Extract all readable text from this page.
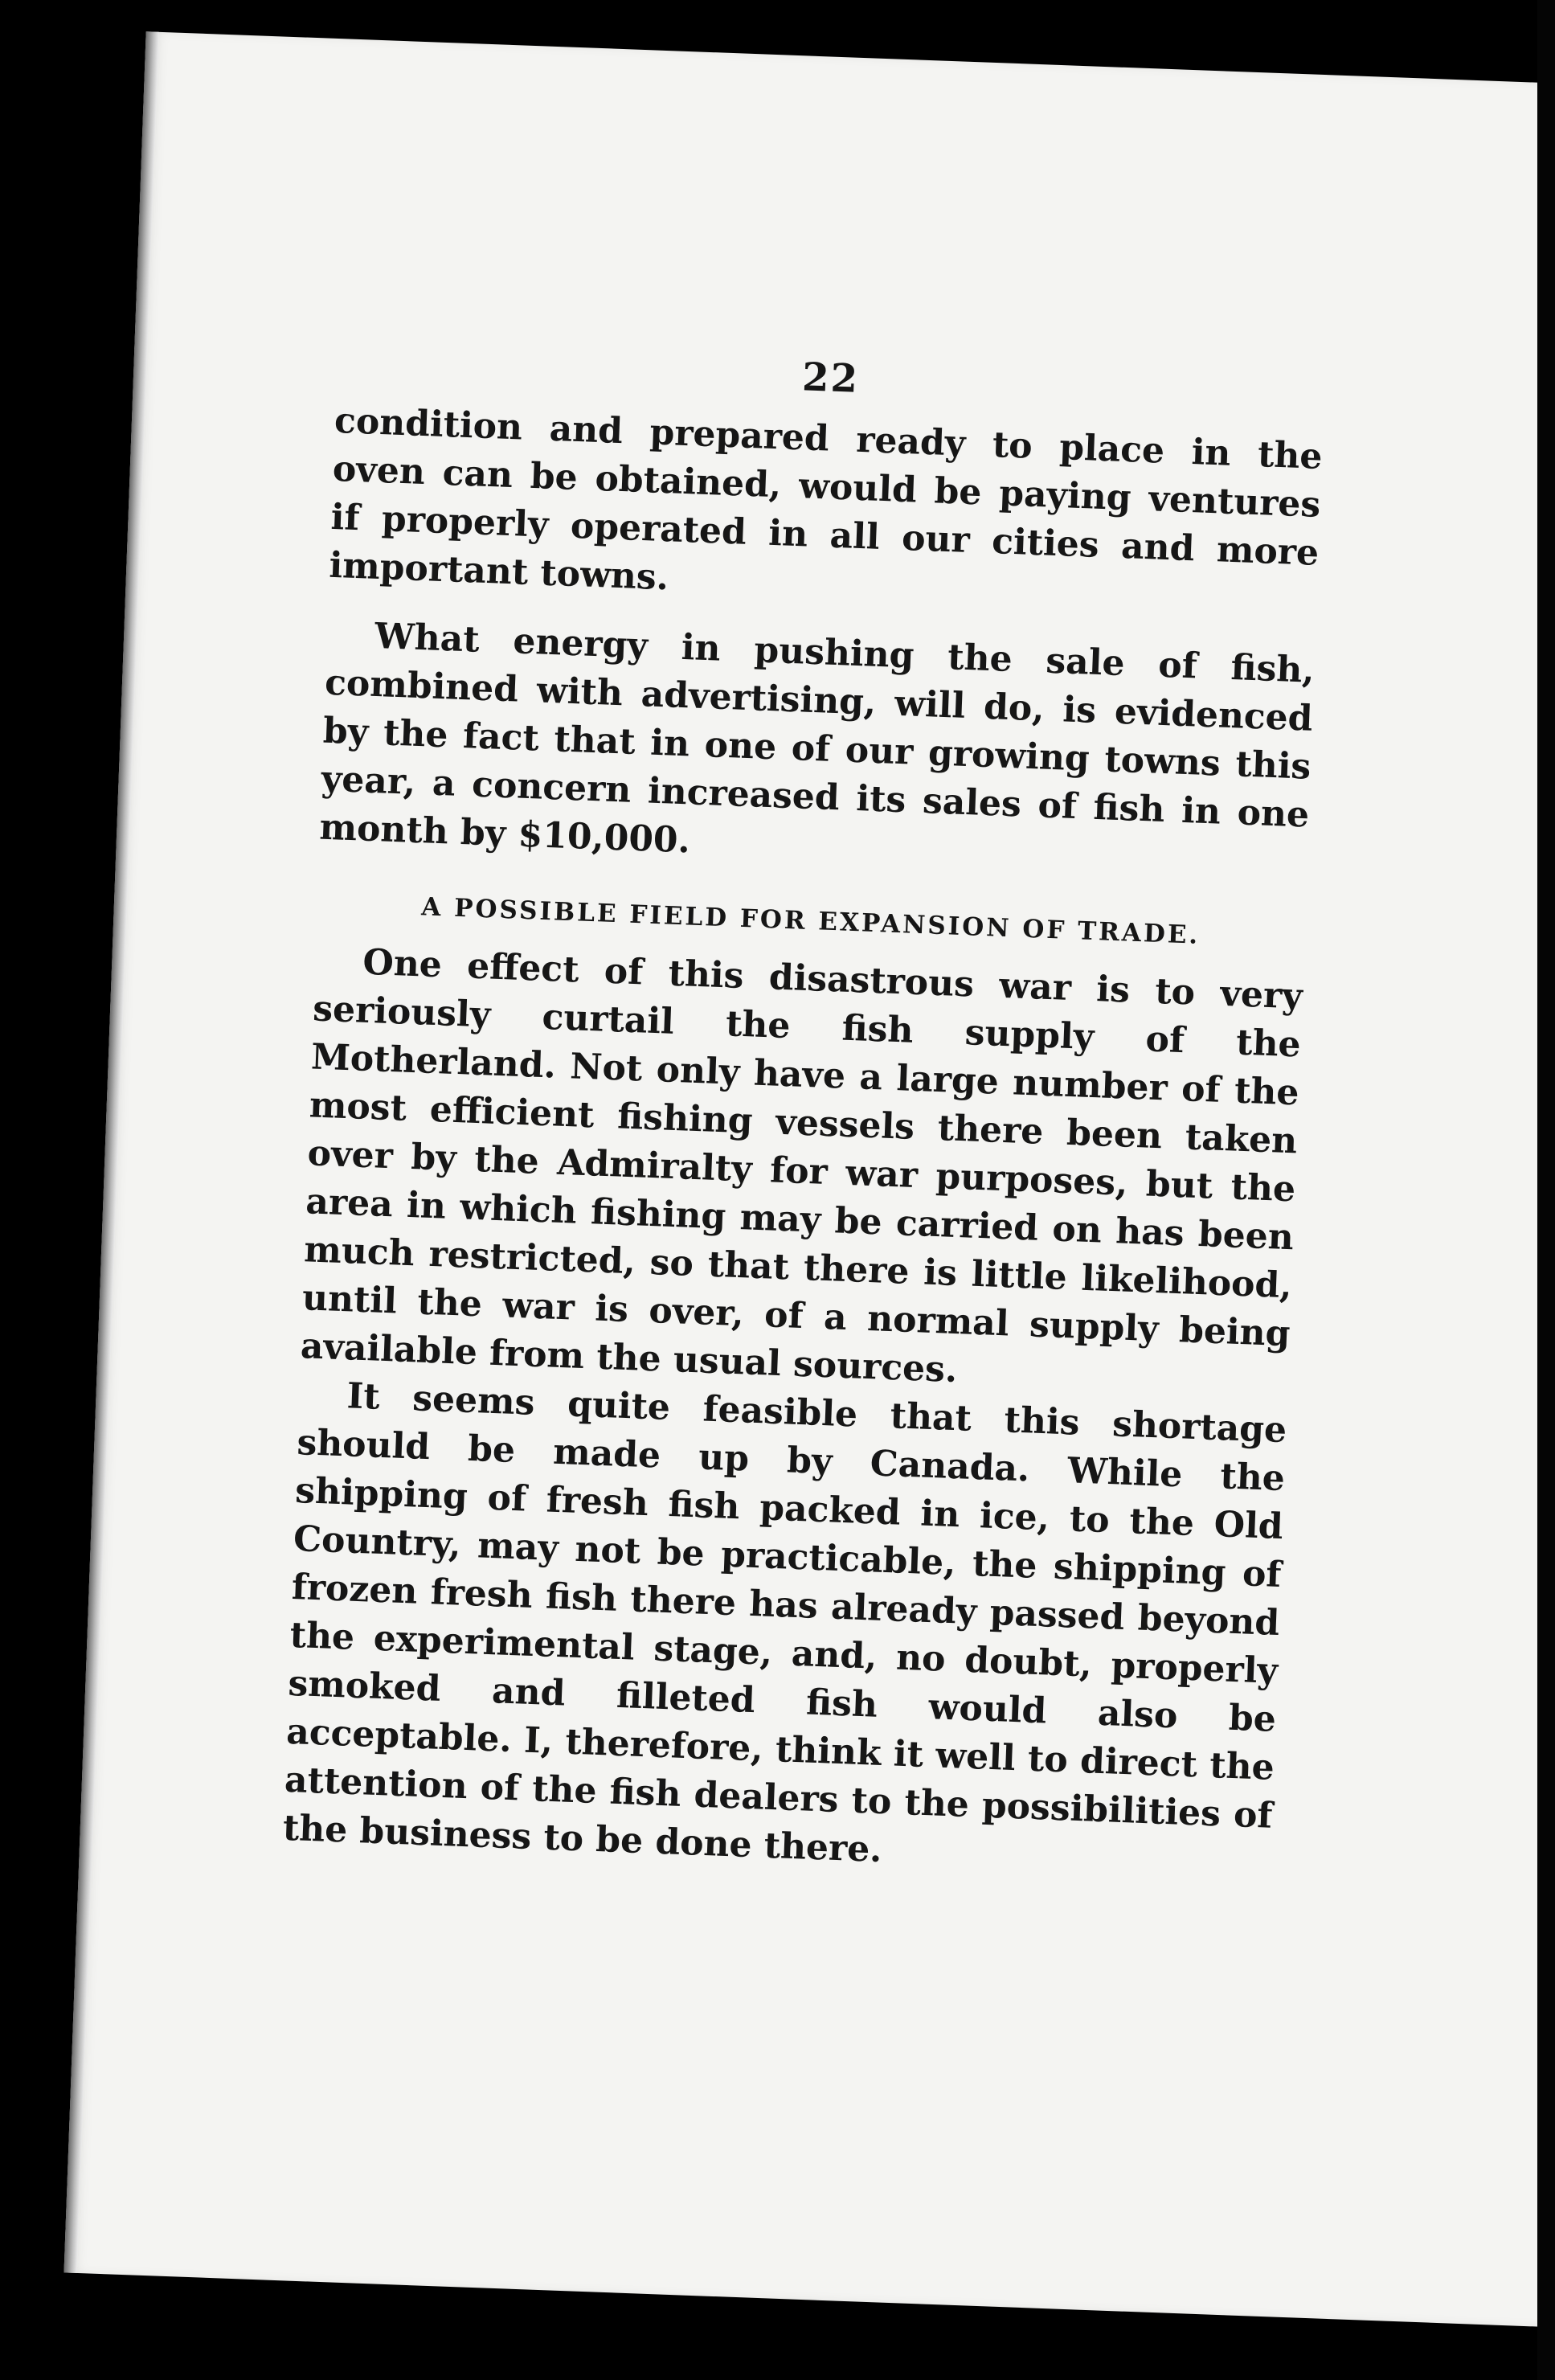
22

condition and prepared ready to place in the oven can be obtained, would be paying ventures if properly operated in all our cities and more important towns.

What energy in pushing the sale of fish, combined with advertising, will do, is evidenced by the fact that in one of our growing towns this year, a concern increased its sales of fish in one month by $10,000.

A POSSIBLE FIELD FOR EXPANSION OF TRADE.

One effect of this disastrous war is to very seriously curtail the fish supply of the Motherland. Not only have a large number of the most efficient fishing vessels there been taken over by the Admiralty for war purposes, but the area in which fishing may be carried on has been much restricted, so that there is little likelihood, until the war is over, of a normal supply being available from the usual sources.

It seems quite feasible that this shortage should be made up by Canada. While the shipping of fresh fish packed in ice, to the Old Country, may not be practicable, the shipping of frozen fresh fish there has already passed beyond the experimental stage, and, no doubt, properly smoked and filleted fish would also be acceptable. I, therefore, think it well to direct the attention of the fish dealers to the possibilities of the business to be done there.
